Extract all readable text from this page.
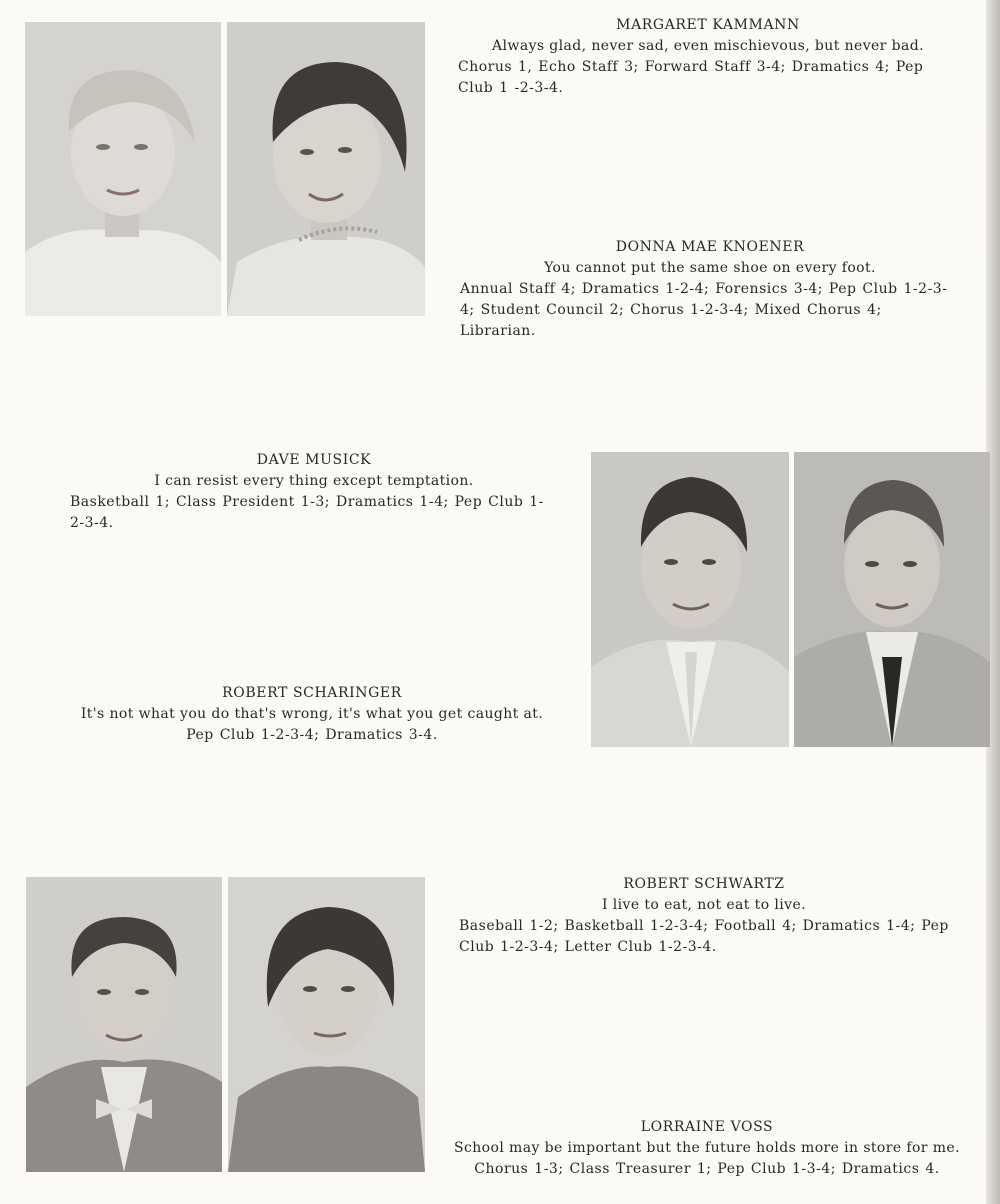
MARGARET KAMMANN
Always glad, never sad, even mischievous, but never bad.
Chorus 1, Echo Staff 3; Forward Staff 3-4; Dramatics 4; Pep Club 1 -2-3-4.
DONNA MAE KNOENER
You cannot put the same shoe on every foot.
Annual Staff 4; Dramatics 1-2-4; Forensics 3-4; Pep Club 1-2-3-4; Student Council 2; Chorus 1-2-3-4; Mixed Chorus 4; Librarian.
DAVE MUSICK
I can resist every thing except temptation.
Basketball 1; Class President 1-3; Dramatics 1-4; Pep Club 1-2-3-4.
ROBERT SCHARINGER
It's not what you do that's wrong, it's what you get caught at.
Pep Club 1-2-3-4; Dramatics 3-4.
ROBERT SCHWARTZ
I live to eat, not eat to live.
Baseball 1-2; Basketball 1-2-3-4; Football 4; Dramatics 1-4; Pep Club 1-2-3-4; Letter Club 1-2-3-4.
LORRAINE VOSS
School may be important but the future holds more in store for me.
Chorus 1-3; Class Treasurer 1; Pep Club 1-3-4; Dramatics 4.
